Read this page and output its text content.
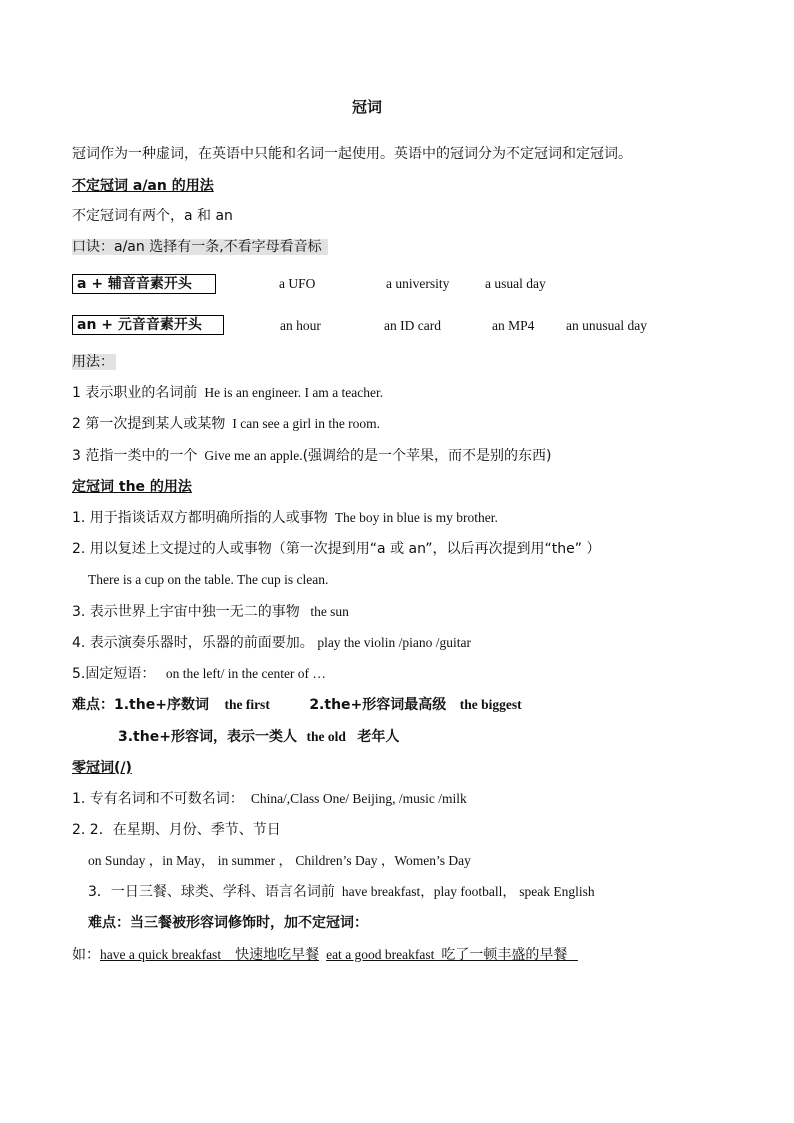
冠词
冠词作为一种虚词，在英语中只能和名词一起使用。英语中的冠词分为不定冠词和定冠词。
不定冠词 a/an 的用法
不定冠词有两个，a 和 an
口诀：a/an 选择有一条,不看字母看音标
a + 辅音音素开头	a UFO	a university	a usual day
an + 元音音素开头	an hour	an ID card	an MP4 an unusual day
用法：
1 表示职业的名词前 He is an engineer. I am a teacher.
2 第一次提到某人或某物 I can see a girl in the room.
3 范指一类中的一个 Give me an apple.(强调给的是一个苹果，而不是别的东西)
定冠词 the 的用法
1. 用于指谈话双方都明确所指的人或事物 The boy in blue is my brother.
2. 用以复述上文提过的人或事物（第一次提到用“a 或 an”，以后再次提到用“the” ）
There is a cup on the table. The cup is clean.
3. 表示世界上宇宙中独一无二的事物 the sun
4. 表示演奏乐器时，乐器的前面要加。 play the violin /piano /guitar
5.固定短语： on the left/ in the center of …
难点：1.the+序数词 the first	2.the+形容词最高级 the biggest
3.the+形容词，表示一类人 the old 老年人
零冠词(/)
1. 专有名词和不可数名词： China/,Class One/ Beijing, /music /milk
2. 2．在星期、月份、季节、节日
on Sunday ，in May， in summer ， Children’s Day ，Women’s Day
3．一日三餐、球类、学科、语言名词前 have breakfast，play football， speak English
难点：当三餐被形容词修饰时，加不定冠词：
如：have a quick breakfast 快速地吃早餐 eat a good breakfast 吃了一顿丰盛的早餐
